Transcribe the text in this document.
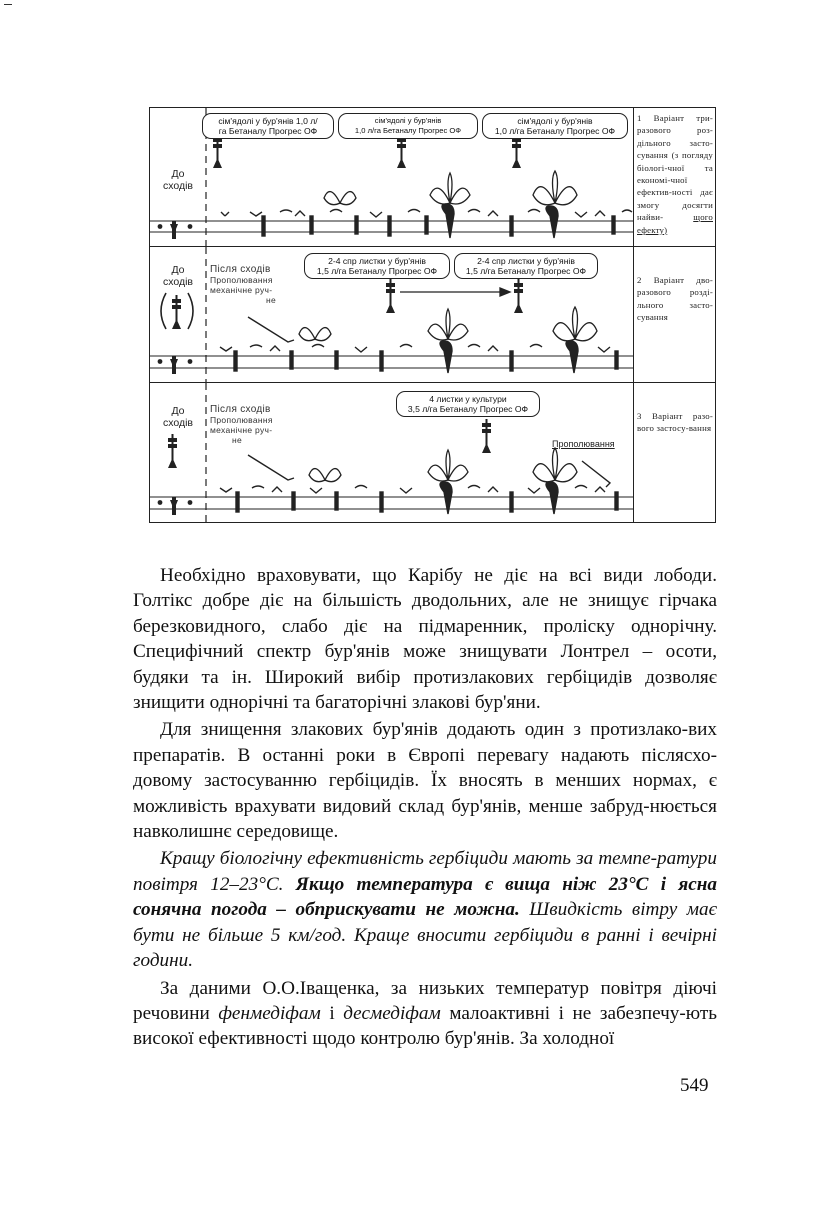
До
сходів
сім'ядолі у бур'янів 1,0 л/
га Бетаналу Прогрес ОФ
сім'ядолі у бур'янів
1,0 л/га Бетаналу Прогрес ОФ
сім'ядолі у бур'янів
1,0 л/га Бетаналу Прогрес ОФ
До
сходів
Після сходів
Прополювання
механічне руч-
не
2-4 спр листки у бур'янів
1,5 л/га Бетаналу Прогрес ОФ
2-4 спр листки у бур'янів
1,5 л/га Бетаналу Прогрес ОФ
До
сходів
Після сходів
Прополювання
механічне руч-
не
4 листки у культури
3,5 л/га Бетаналу Прогрес ОФ
Прополювання
1 Варіант три-разового роз-дільного засто-сування (з погляду біологі-чної та економі-чної ефектив-ності дає змогу досягти найви-	щого ефекту)
2 Варіант дво-разового розді-льного засто-сування
3 Варіант разо-вого застосу-вання

Необхідно враховувати, що Карібу не діє на всі види лободи. Голтікс добре діє на більшість дводольних, але не знищує гірчака березковидного, слабо діє на підмаренник, проліску однорічну. Специфічний спектр бур'янів може знищувати Лонтрел – осоти, будяки та ін. Широкий вибір протизлакових гербіцидів дозволяє знищити однорічні та багаторічні злакові бур'яни.

Для знищення злакових бур'янів додають один з протизлако-вих препаратів. В останні роки в Європі перевагу надають післясхо-довому застосуванню гербіцидів. Їх вносять в менших нормах, є можливість врахувати видовий склад бур'янів, менше забруд-нюється навколишнє середовище.

Кращу біологічну ефективність гербіциди мають за темпе-ратури повітря 12–23°С. Якщо температура є вища ніж 23°С і ясна сонячна погода – обприскувати не можна. Швидкість вітру має бути не більше 5 км/год. Краще вносити гербіциди в ранні і вечірні години.

За даними О.О.Іващенка, за низьких температур повітря діючі речовини фенмедіфам і десмедіфам малоактивні і не забезпечу-ють високої ефективності щодо контролю бур'янів. За холодної

549
